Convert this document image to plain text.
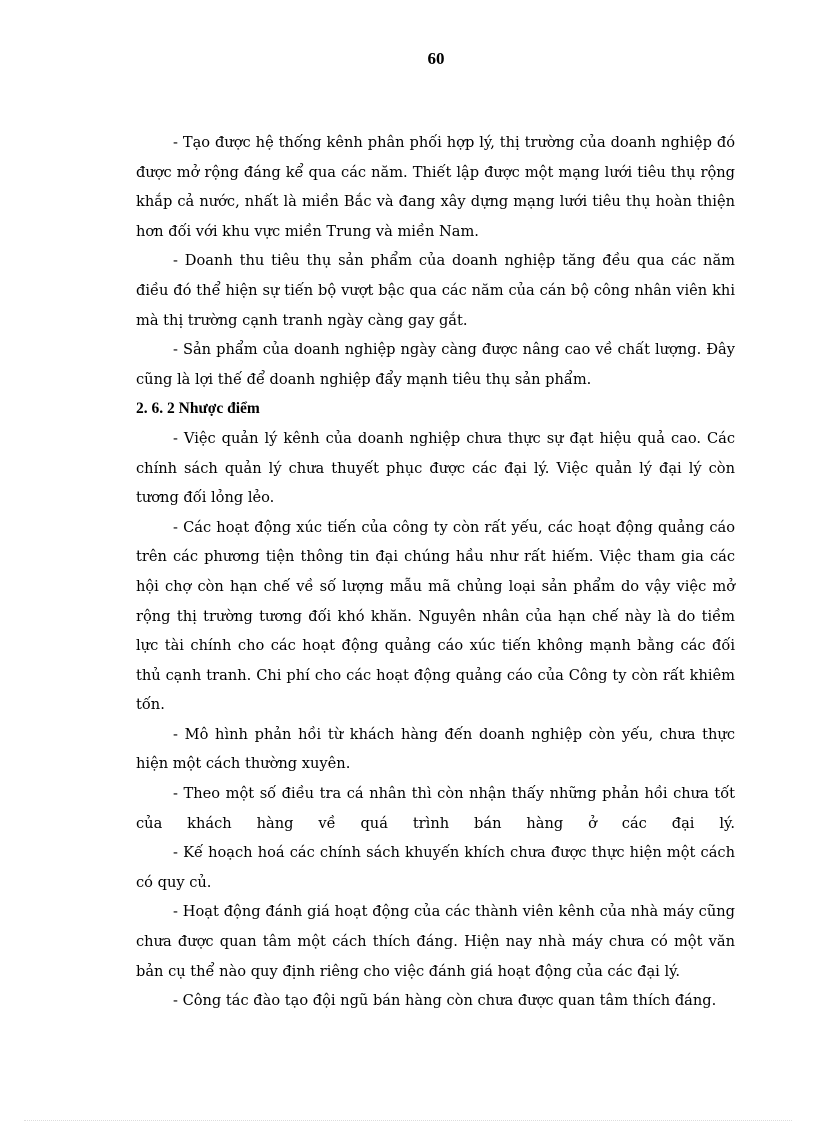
60

- Tạo được hệ thống kênh phân phối hợp lý, thị trường của doanh nghiệp đó được mở rộng đáng kể qua các năm. Thiết lập được một mạng lưới tiêu thụ rộng khắp cả nước, nhất là miền Bắc và đang xây dựng mạng lưới tiêu thụ hoàn thiện hơn đối với khu vực miền Trung và miền Nam.

- Doanh thu tiêu thụ sản phẩm của doanh nghiệp tăng đều qua các năm điều đó thể hiện sự tiến bộ vượt bậc qua các năm của cán bộ công nhân viên khi mà thị trường cạnh tranh ngày càng gay gắt.

- Sản phẩm của doanh nghiệp ngày càng được nâng cao về chất lượng. Đây cũng là lợi thế để doanh nghiệp đẩy mạnh tiêu thụ sản phẩm.

2. 6. 2 Nhược điểm

- Việc quản lý kênh của doanh nghiệp chưa thực sự đạt hiệu quả cao. Các chính sách quản lý chưa thuyết phục được các đại lý. Việc quản lý đại lý còn tương đối lỏng lẻo.

- Các hoạt động xúc tiến của công ty còn rất yếu, các hoạt động quảng cáo trên các phương tiện thông tin đại chúng hầu như rất hiếm. Việc tham gia các hội chợ còn hạn chế về số lượng mẫu mã chủng loại sản phẩm do vậy việc mở rộng thị trường tương đối khó khăn. Nguyên nhân của hạn chế này là do tiềm lực tài chính cho các hoạt động quảng cáo xúc tiến không mạnh bằng các đối thủ cạnh tranh. Chi phí cho các hoạt động quảng cáo của Công ty còn rất khiêm tốn.

- Mô hình phản hồi từ khách hàng đến doanh nghiệp còn yếu, chưa thực hiện một cách thường xuyên.

- Theo một số điều tra cá nhân thì còn nhận thấy những phản hồi chưa tốt của khách hàng về quá trình bán hàng ở các đại lý.

- Kế hoạch hoá các chính sách khuyến khích chưa được thực hiện một cách có quy củ.

- Hoạt động đánh giá hoạt động của các thành viên kênh của nhà máy cũng chưa được quan tâm một cách thích đáng. Hiện nay nhà máy chưa có một văn bản cụ thể nào quy định riêng cho việc đánh giá hoạt động của các đại lý.

- Công tác đào tạo đội ngũ bán hàng còn chưa được quan tâm thích đáng.
